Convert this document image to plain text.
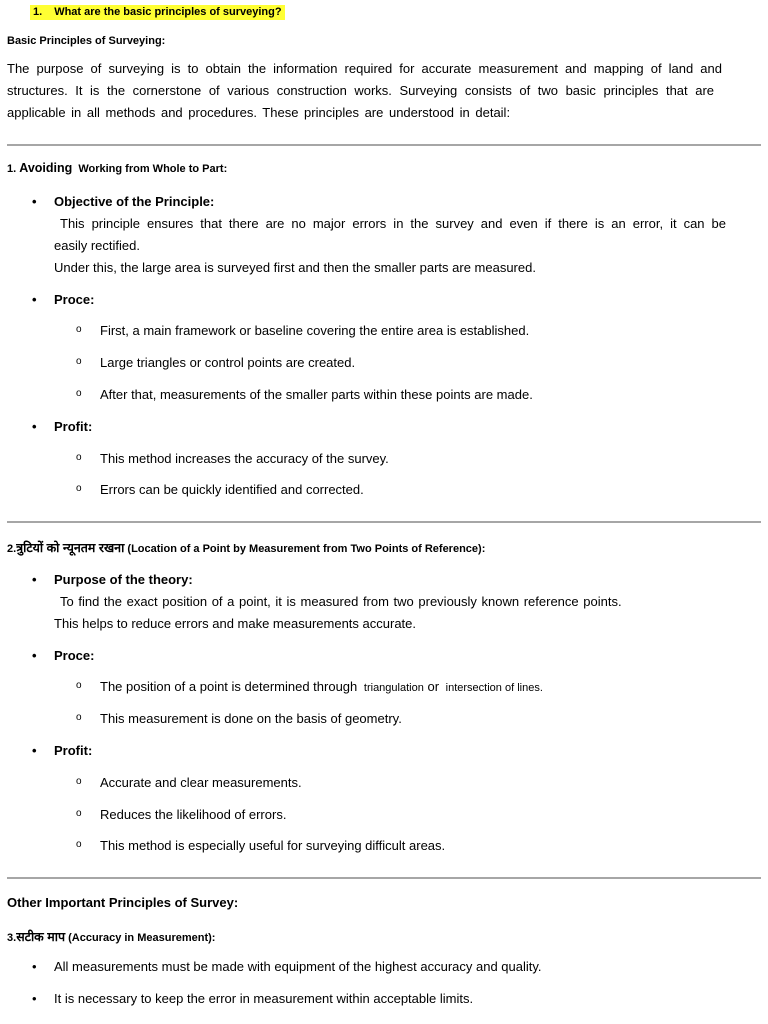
1. What are the basic principles of surveying?
Basic Principles of Surveying:
The purpose of surveying is to obtain the information required for accurate measurement and mapping of land and
structures. It is the cornerstone of various construction works. Surveying consists of two basic principles that are
applicable in all methods and procedures. These principles are understood in detail:
1. Avoiding Working from Whole to Part:
• Objective of the Principle:
This principle ensures that there are no major errors in the survey and even if there is an error, it can be
easily rectified.
Under this, the large area is surveyed first and then the smaller parts are measured.
• Proce:
o First, a main framework or baseline covering the entire area is established.
o Large triangles or control points are created.
o After that, measurements of the smaller parts within these points are made.
• Profit:
o This method increases the accuracy of the survey.
o Errors can be quickly identified and corrected.
2.त्रुटियों को न्यूनतम रखना (Location of a Point by Measurement from Two Points of Reference):
• Purpose of the theory:
To find the exact position of a point, it is measured from two previously known reference points.
This helps to reduce errors and make measurements accurate.
• Proce:
o The position of a point is determined through triangulation or intersection of lines.
o This measurement is done on the basis of geometry.
• Profit:
o Accurate and clear measurements.
o Reduces the likelihood of errors.
o This method is especially useful for surveying difficult areas.
Other Important Principles of Survey:
3.सटीक माप (Accuracy in Measurement):
• All measurements must be made with equipment of the highest accuracy and quality.
• It is necessary to keep the error in measurement within acceptable limits.
